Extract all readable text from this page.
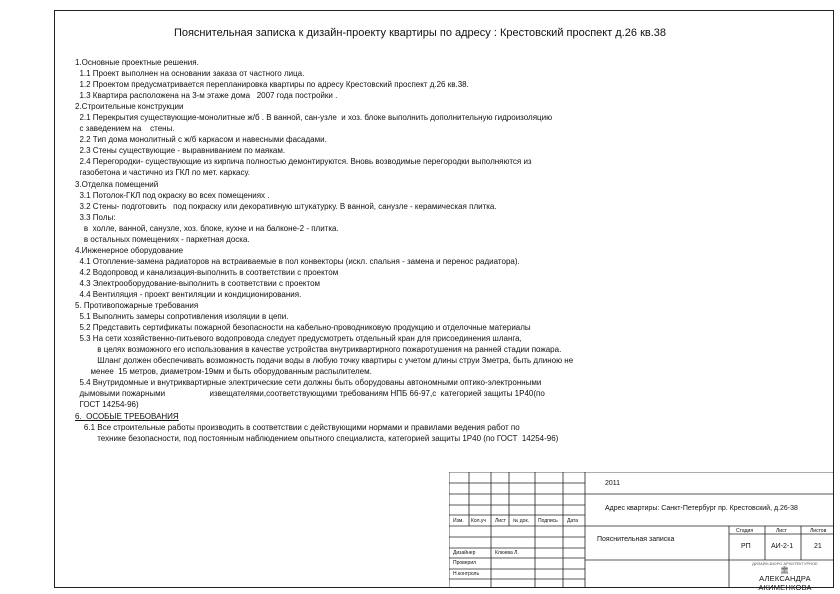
Пояснительная записка к дизайн-проекту квартиры по адресу : Крестовский проспект д.26 кв.38
1.Основные проектные решения.
1.1 Проект выполнен на основании заказа от частного лица.
1.2 Проектом предусматривается перепланировка квартиры по адресу Крестовский проспект д.26 кв.38.
1.3 Квартира расположена на 3-м этаже дома   2007 года постройки .
2.Строительные конструкции
2.1 Перекрытия существующие-монолитные ж/б . В ванной, сан-узле  и хоз. блоке выполнить дополнительную гидроизоляцию
с заведением на    стены.
2.2 Тип дома монолитный с ж/б каркасом и навесными фасадами.
2.3 Стены существующие - выравниванием по маякам.
2.4 Перегородки- существующие из кирпича полностью демонтируются. Вновь возводимые перегородки выполняются из
газобетона и частично из ГКЛ по мет. каркасу.
3.Отделка помещений
3.1 Потолок-ГКЛ под окраску во всех помещениях .
3.2 Стены- подготовить   под покраску или декоративную штукатурку. В ванной, санузле - керамическая плитка.
3.3 Полы:
в  холле, ванной, санузле, хоз. блоке, кухне и на балконе-2 - плитка.
в остальных помещениях - паркетная доска.
4.Инженерное оборудование
4.1 Отопление-замена радиаторов на встраиваемые в пол конвекторы (искл. спальня - замена и перенос радиатора).
4.2 Водопровод и канализация-выполнить в соответствии с проектом
4.3 Электрооборудование-выполнить в соответствии с проектом
4.4 Вентиляция - проект вентиляции и кондиционирования.
5. Противопожарные требования
5.1 Выполнить замеры сопротивления изоляции в цепи.
5.2 Представить сертификаты пожарной безопасности на кабельно-проводниковую продукцию и отделочные материалы
5.3 На сети хозяйственно-питьевого водопровода следует предусмотреть отдельный кран для присоединения шланга,
в целях возможного его использования в качестве устройства внутриквартирного пожаротушения на ранней стадии пожара.
Шланг должен обеспечивать возможность подачи воды в любую точку квартиры с учетом длины струи 3метра, быть длиною не
менее  15 метров, диаметром-19мм и быть оборудованным распылителем.
5.4 Внутридомные и внутриквартирные электрические сети должны быть оборудованы автономными оптико-электронными
дымовыми пожарными                    извещателями,соответствующими требованиям НПБ 66-97,с  категорией защиты 1Р40(по
ГОСТ 14254-96)
6.  ОСОБЫЕ ТРЕБОВАНИЯ
6.1 Все строительные работы производить в соответствии с действующими нормами и правилами ведения работ по
технике безопасности, под постоянным наблюдением опытного специалиста, категорией защиты 1Р40 (по ГОСТ  14254-96)
2011
Адрес квартиры: Санкт-Петербург пр. Крестовский, д.26-38
Изм. Кол.уч Лист № док. Подпись Дата
Пояснительная записка
Стадия	Лист	Листов
РП	АИ-2-1	21
Дизайнер	Клюева Л.
Проверил
Н.контроль
ДИЗАЙН-БЮРО АРХИТЕКТУРНОЕ
🏛︎
АЛЕКСАНДРА АКИМЕНКОВА
